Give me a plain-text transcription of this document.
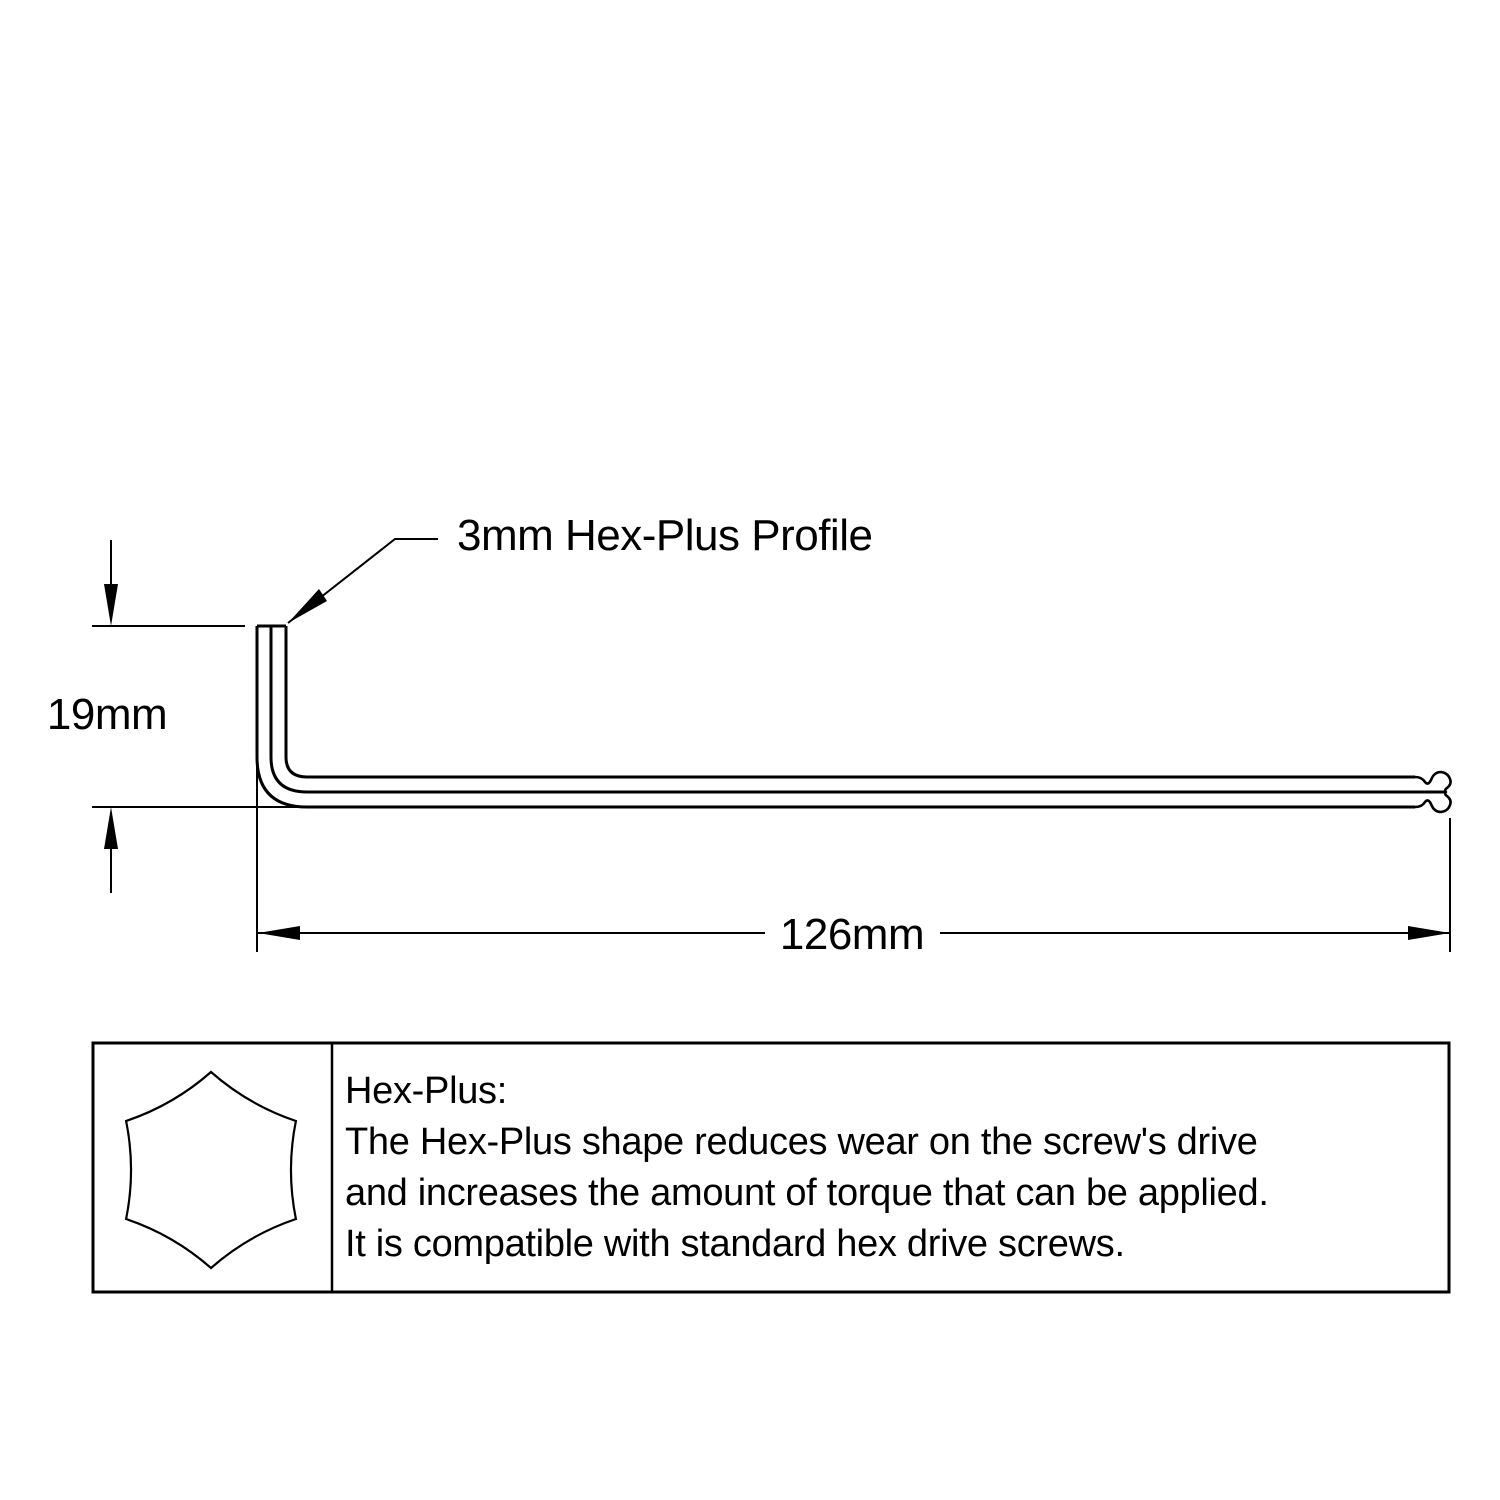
3mm Hex-Plus Profile
19mm
126mm
Hex-Plus:
The Hex-Plus shape reduces wear on the screw's drive
and increases the amount of torque that can be applied.
It is compatible with standard hex drive screws.
